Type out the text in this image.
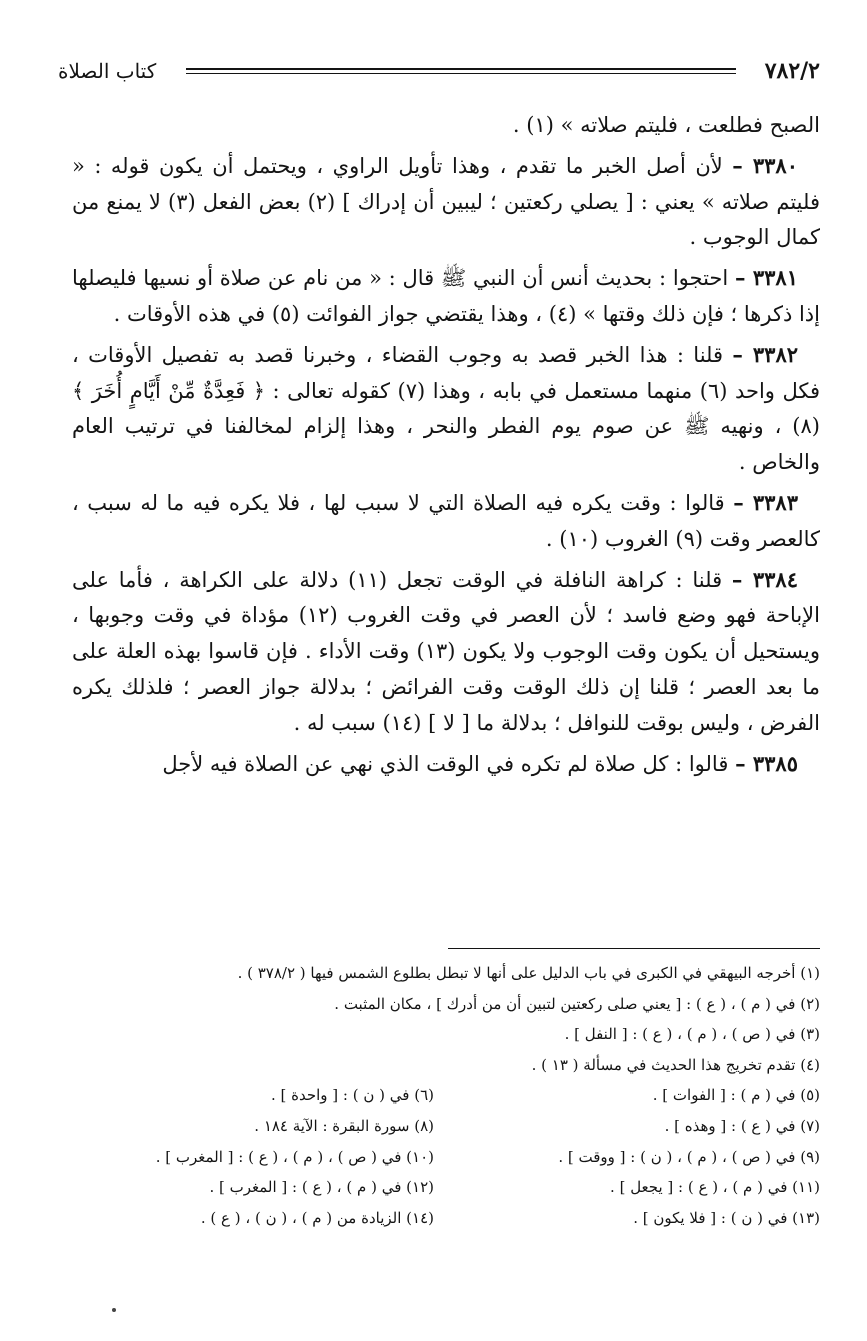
٧٨٢/٢
كتاب الصلاة

الصبح فطلعت ، فليتم صلاته » (١) .

٣٣٨٠ – لأن أصل الخبر ما تقدم ، وهذا تأويل الراوي ، ويحتمل أن يكون قوله : « فليتم صلاته » يعني : [ يصلي ركعتين ؛ ليبين أن إدراك ] (٢) بعض الفعل (٣) لا يمنع من كمال الوجوب .

٣٣٨١ – احتجوا : بحديث أنس أن النبي ﷺ قال : « من نام عن صلاة أو نسيها فليصلها إذا ذكرها ؛ فإن ذلك وقتها » (٤) ، وهذا يقتضي جواز الفوائت (٥) في هذه الأوقات .

٣٣٨٢ – قلنا : هذا الخبر قصد به وجوب القضاء ، وخبرنا قصد به تفصيل الأوقات ، فكل واحد (٦) منهما مستعمل في بابه ، وهذا (٧) كقوله تعالى : ﴿ فَعِدَّةٌ مِّنْ أَيَّامٍ أُخَرَ ﴾ (٨) ، ونهيه ﷺ عن صوم يوم الفطر والنحر ، وهذا إلزام لمخالفنا في ترتيب العام والخاص .

٣٣٨٣ – قالوا : وقت يكره فيه الصلاة التي لا سبب لها ، فلا يكره فيه ما له سبب ، كالعصر وقت (٩) الغروب (١٠) .

٣٣٨٤ – قلنا : كراهة النافلة في الوقت تجعل (١١) دلالة على الكراهة ، فأما على الإباحة فهو وضع فاسد ؛ لأن العصر في وقت الغروب (١٢) مؤداة في وقت وجوبها ، ويستحيل أن يكون وقت الوجوب ولا يكون (١٣) وقت الأداء . فإن قاسوا بهذه العلة على ما بعد العصر ؛ قلنا إن ذلك الوقت وقت الفرائض ؛ بدلالة جواز العصر ؛ فلذلك يكره الفرض ، وليس بوقت للنوافل ؛ بدلالة ما [ لا ] (١٤) سبب له .

٣٣٨٥ – قالوا : كل صلاة لم تكره في الوقت الذي نهي عن الصلاة فيه لأجل

(١) أخرجه البيهقي في الكبرى في باب الدليل على أنها لا تبطل بطلوع الشمس فيها ( ٣٧٨/٢ ) .
(٢) في ( م ) ، ( ع ) : [ يعني صلى ركعتين لتبين أن من أدرك ] ، مكان المثبت .
(٣) في ( ص ) ، ( م ) ، ( ع ) : [ النفل ] .
(٤) تقدم تخريج هذا الحديث في مسألة ( ١٣ ) .
(٥) في ( م ) : [ الفوات ] .
(٦) في ( ن ) : [ واحدة ] .
(٧) في ( ع ) : [ وهذه ] .
(٨) سورة البقرة : الآية ١٨٤ .
(٩) في ( ص ) ، ( م ) ، ( ن ) : [ ووقت ] .
(١٠) في ( ص ) ، ( م ) ، ( ع ) : [ المغرب ] .
(١١) في ( م ) ، ( ع ) : [ يجعل ] .
(١٢) في ( م ) ، ( ع ) : [ المغرب ] .
(١٣) في ( ن ) : [ فلا يكون ] .
(١٤) الزيادة من ( م ) ، ( ن ) ، ( ع ) .
